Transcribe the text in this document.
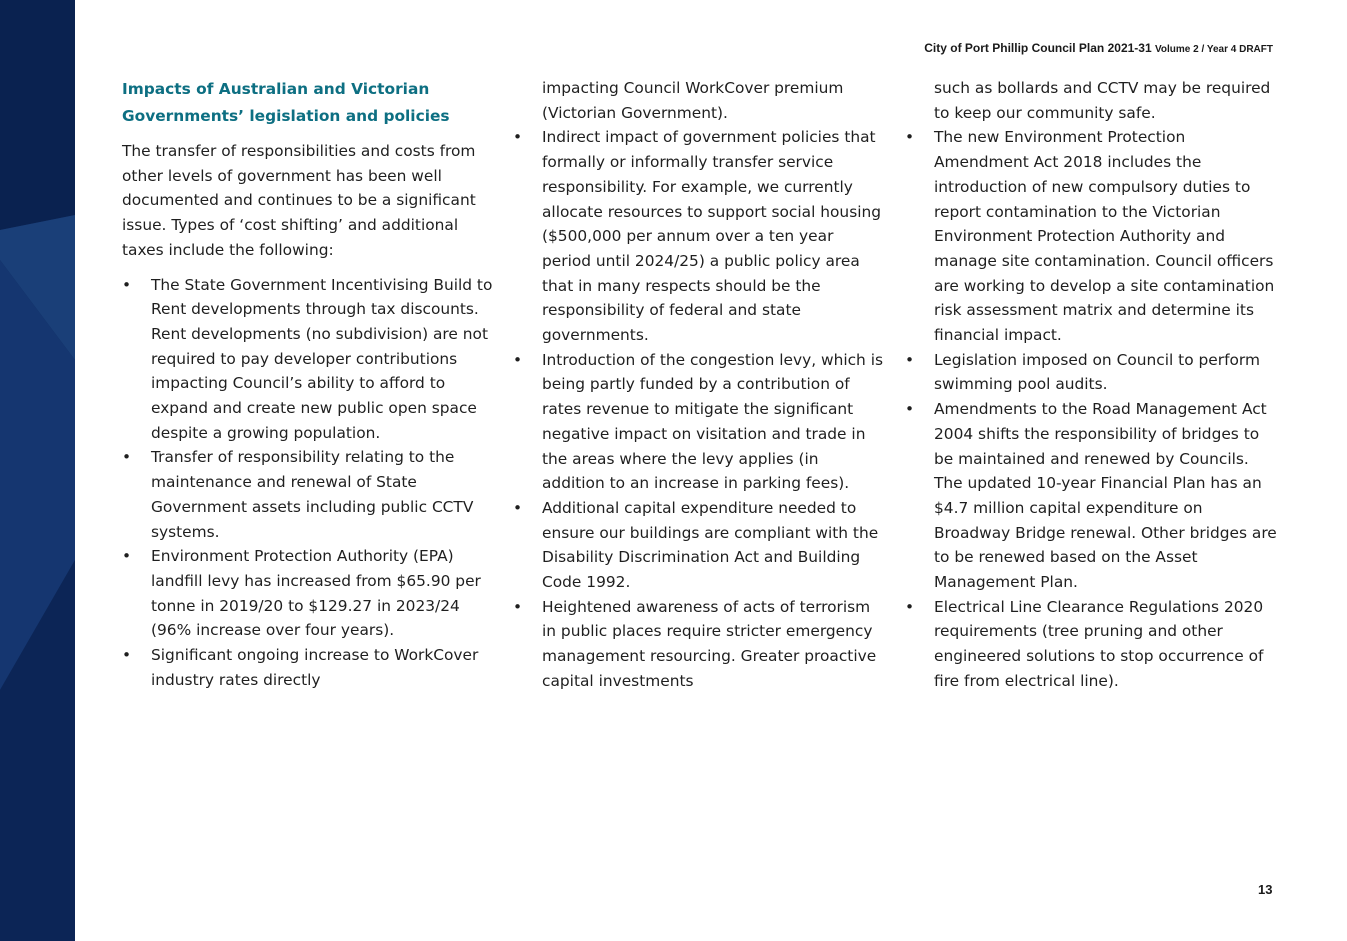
City of Port Phillip Council Plan 2021-31 Volume 2 / Year 4 DRAFT
Impacts of Australian and Victorian Governments’ legislation and policies

The transfer of responsibilities and costs from other levels of government has been well documented and continues to be a significant issue. Types of ‘cost shifting’ and additional taxes include the following:

• The State Government Incentivising Build to Rent developments through tax discounts. Rent developments (no subdivision) are not required to pay developer contributions impacting Council’s ability to afford to expand and create new public open space despite a growing population.
• Transfer of responsibility relating to the maintenance and renewal of State Government assets including public CCTV systems.
• Environment Protection Authority (EPA) landfill levy has increased from $65.90 per tonne in 2019/20 to $129.27 in 2023/24 (96% increase over four years).
• Significant ongoing increase to WorkCover industry rates directly
impacting Council WorkCover premium (Victorian Government).
• Indirect impact of government policies that formally or informally transfer service responsibility. For example, we currently allocate resources to support social housing ($500,000 per annum over a ten year period until 2024/25) a public policy area that in many respects should be the responsibility of federal and state governments.
• Introduction of the congestion levy, which is being partly funded by a contribution of rates revenue to mitigate the significant negative impact on visitation and trade in the areas where the levy applies (in addition to an increase in parking fees).
• Additional capital expenditure needed to ensure our buildings are compliant with the Disability Discrimination Act and Building Code 1992.
• Heightened awareness of acts of terrorism in public places require stricter emergency management resourcing. Greater proactive capital investments
such as bollards and CCTV may be required to keep our community safe.
• The new Environment Protection Amendment Act 2018 includes the introduction of new compulsory duties to report contamination to the Victorian Environment Protection Authority and manage site contamination. Council officers are working to develop a site contamination risk assessment matrix and determine its financial impact.
• Legislation imposed on Council to perform swimming pool audits.
• Amendments to the Road Management Act 2004 shifts the responsibility of bridges to be maintained and renewed by Councils. The updated 10-year Financial Plan has an $4.7 million capital expenditure on Broadway Bridge renewal. Other bridges are to be renewed based on the Asset Management Plan.
• Electrical Line Clearance Regulations 2020 requirements (tree pruning and other engineered solutions to stop occurrence of fire from electrical line).
13
